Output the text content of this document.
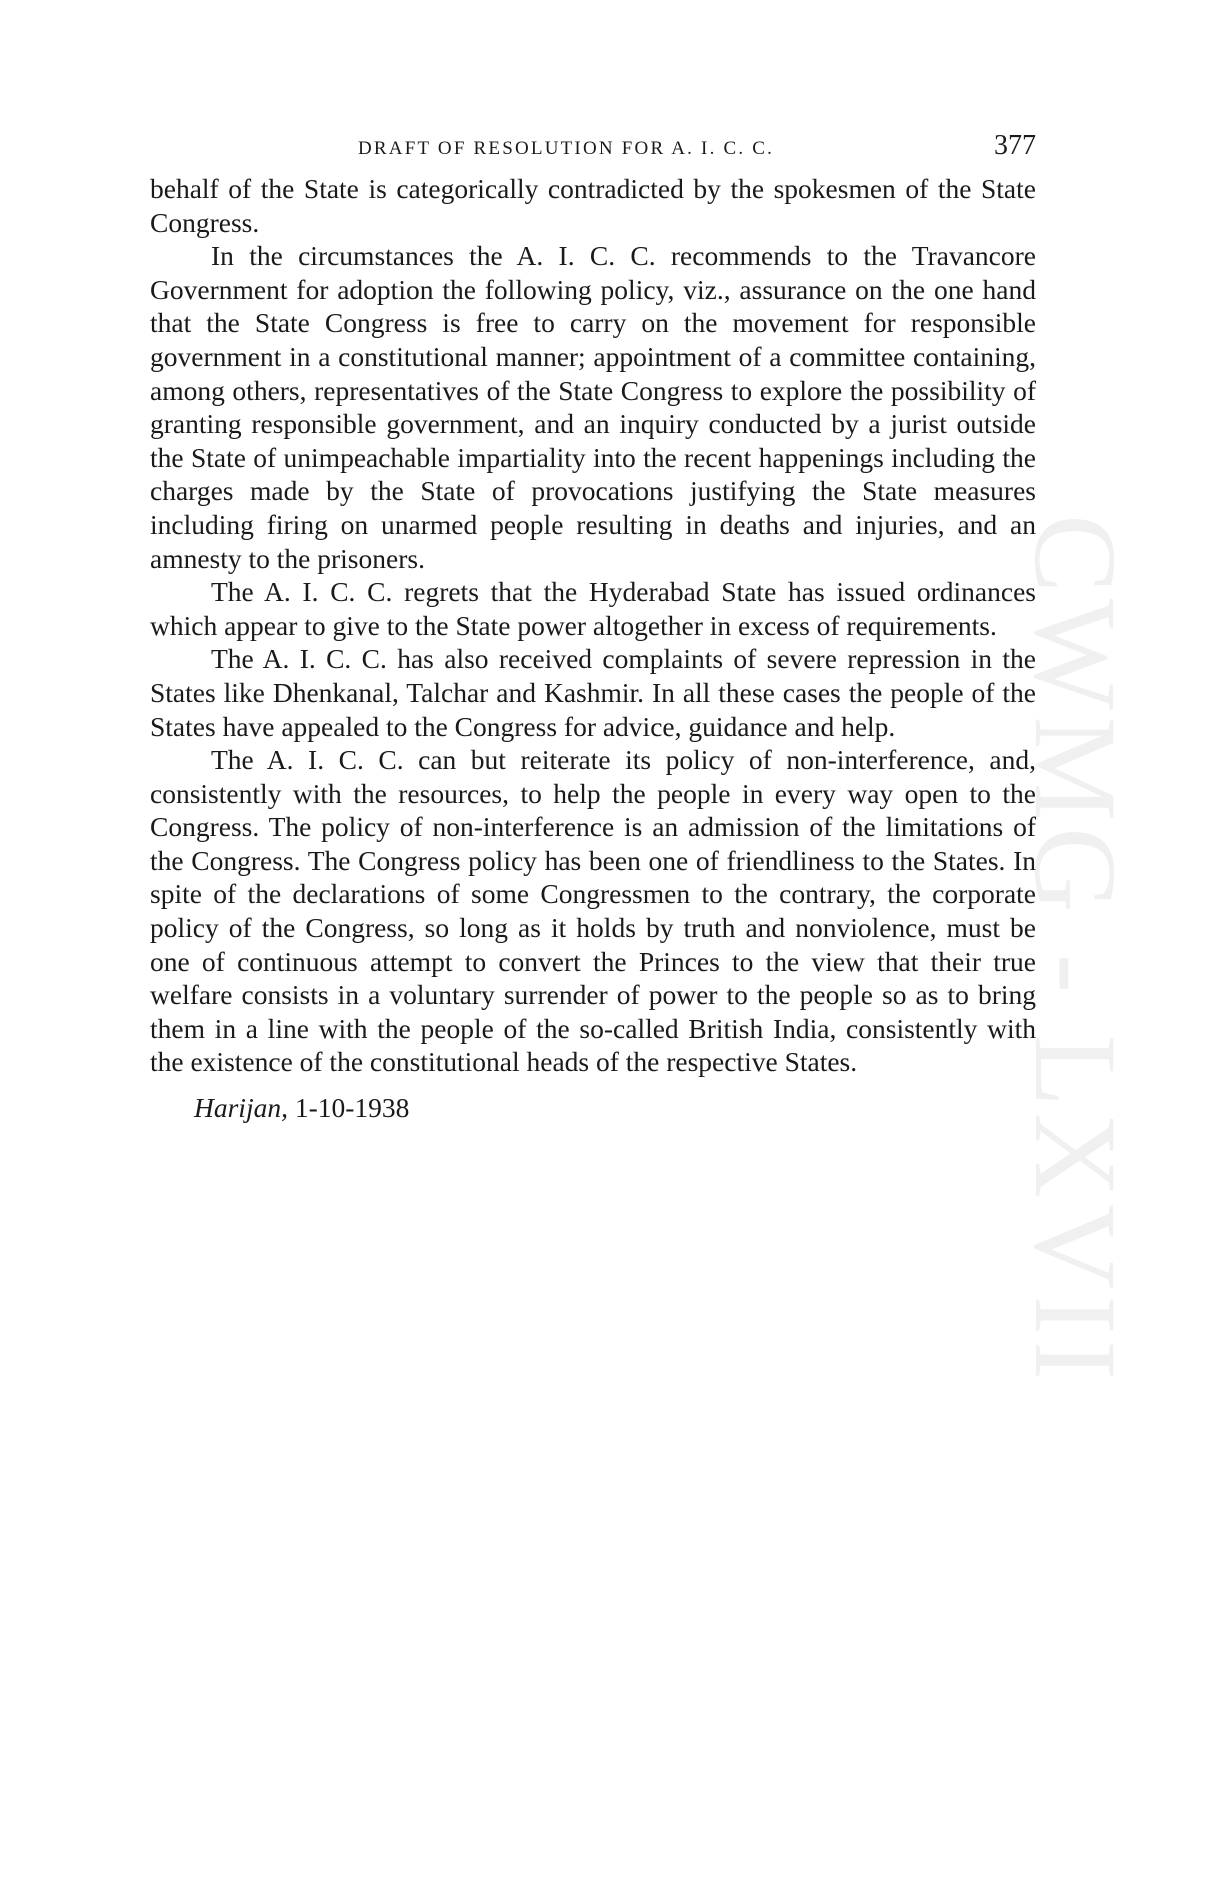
CWMG - LXVII
DRAFT OF RESOLUTION FOR A. I. C. C.	377

behalf of the State is categorically contradicted by the spokesmen of the State Congress.

In the circumstances the A. I. C. C. recommends to the Travancore Government for adoption the following policy, viz., assurance on the one hand that the State Congress is free to carry on the movement for responsible government in a constitutional manner; appointment of a committee containing, among others, representatives of the State Congress to explore the possibility of granting responsible government, and an inquiry conducted by a jurist outside the State of unimpeachable impartiality into the recent happenings including the charges made by the State of provocations justifying the State measures including firing on unarmed people resulting in deaths and injuries, and an amnesty to the prisoners.

The A. I. C. C. regrets that the Hyderabad State has issued ordinances which appear to give to the State power altogether in excess of requirements.

The A. I. C. C. has also received complaints of severe repression in the States like Dhenkanal, Talchar and Kashmir. In all these cases the people of the States have appealed to the Congress for advice, guidance and help.

The A. I. C. C. can but reiterate its policy of non-interference, and, consistently with the resources, to help the people in every way open to the Congress. The policy of non-interference is an admission of the limitations of the Congress. The Congress policy has been one of friendliness to the States. In spite of the declarations of some Congressmen to the contrary, the corporate policy of the Congress, so long as it holds by truth and nonviolence, must be one of continuous attempt to convert the Princes to the view that their true welfare consists in a voluntary surrender of power to the people so as to bring them in a line with the people of the so-called British India, consistently with the existence of the constitutional heads of the respective States.

Harijan, 1-10-1938
